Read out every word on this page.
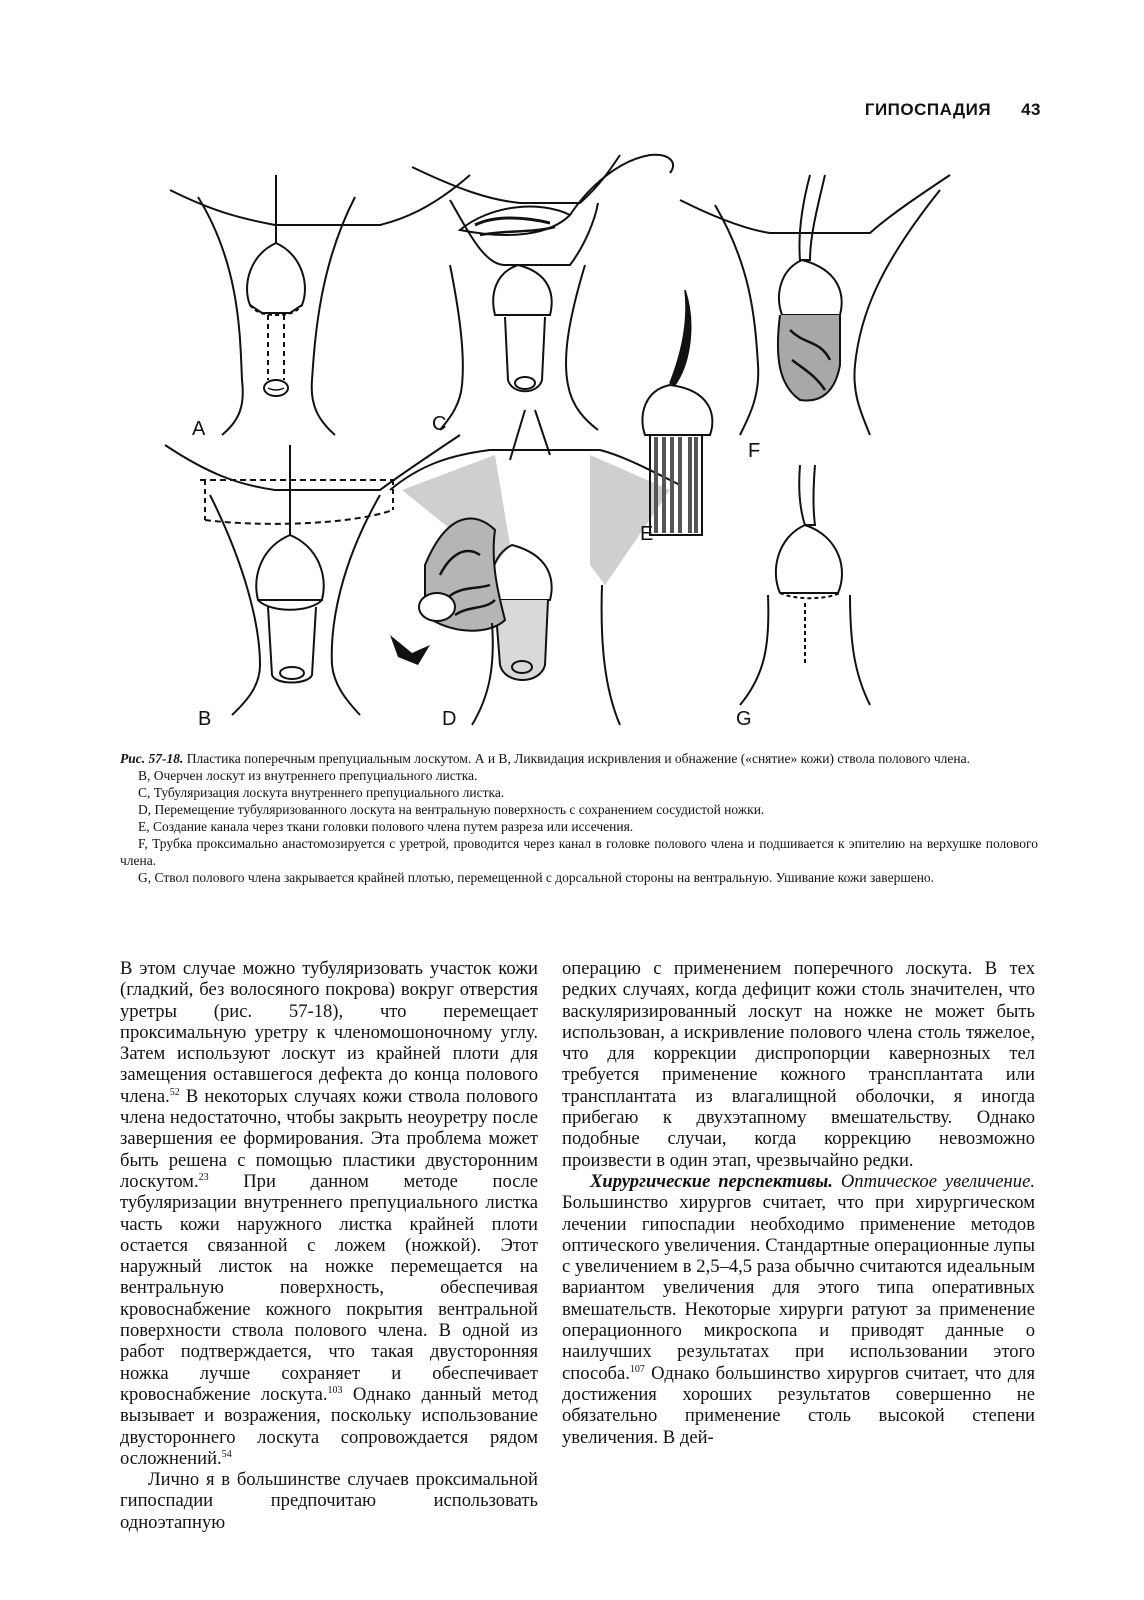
ГИПОСПАДИЯ 43
A
B
C
D
E
F
G

Рис. 57-18. Пластика поперечным препуциальным лоскутом. А и В, Ликвидация искривления и обнажение («снятие» кожи) ствола полового члена.

B, Очерчен лоскут из внутреннего препуциального листка.

C, Тубуляризация лоскута внутреннего препуциального листка.

D, Перемещение тубуляризованного лоскута на вентральную поверхность с сохранением сосудистой ножки.

E, Создание канала через ткани головки полового члена путем разреза или иссечения.

F, Трубка проксимально анастомозируется с уретрой, проводится через канал в головке полового члена и подшивается к эпителию на верхушке полового члена.

G, Ствол полового члена закрывается крайней плотью, перемещенной с дорсальной стороны на вентральную. Ушивание кожи завершено.

В этом случае можно тубуляризовать участок кожи (гладкий, без волосяного покрова) вокруг отверстия уретры (рис. 57-18), что перемещает проксимальную уретру к членомошоночному углу. Затем используют лоскут из крайней плоти для замещения оставшегося дефекта до конца полового члена.$^{52}$ В некоторых случаях кожи ствола полового члена недостаточно, чтобы закрыть неоуретру после завершения ее формирования. Эта проблема может быть решена с помощью пластики двусторонним лоскутом.$^{23}$ При данном методе после тубуляризации внутреннего препуциального листка часть кожи наружного листка крайней плоти остается связанной с ложем (ножкой). Этот наружный листок на ножке перемещается на вентральную поверхность, обеспечивая кровоснабжение кожного покрытия вентральной поверхности ствола полового члена. В одной из работ подтверждается, что такая двусторонняя ножка лучше сохраняет и обеспечивает кровоснабжение лоскута.$^{103}$ Однако данный метод вызывает и возражения, поскольку использование двустороннего лоскута сопровождается рядом осложнений.$^{54}$

Лично я в большинстве случаев проксимальной гипоспадии предпочитаю использовать одноэтапную

операцию с применением поперечного лоскута. В тех редких случаях, когда дефицит кожи столь значителен, что васкуляризированный лоскут на ножке не может быть использован, а искривление полового члена столь тяжелое, что для коррекции диспропорции кавернозных тел требуется применение кожного трансплантата или трансплантата из влагалищной оболочки, я иногда прибегаю к двухэтапному вмешательству. Однако подобные случаи, когда коррекцию невозможно произвести в один этап, чрезвычайно редки.

Хирургические перспективы. Оптическое увеличение. Большинство хирургов считает, что при хирургическом лечении гипоспадии необходимо применение методов оптического увеличения. Стандартные операционные лупы с увеличением в 2,5–4,5 раза обычно считаются идеальным вариантом увеличения для этого типа оперативных вмешательств. Некоторые хирурги ратуют за применение операционного микроскопа и приводят данные о наилучших результатах при использовании этого способа.$^{107}$ Однако большинство хирургов считает, что для достижения хороших результатов совершенно не обязательно применение столь высокой степени увеличения. В дей-
